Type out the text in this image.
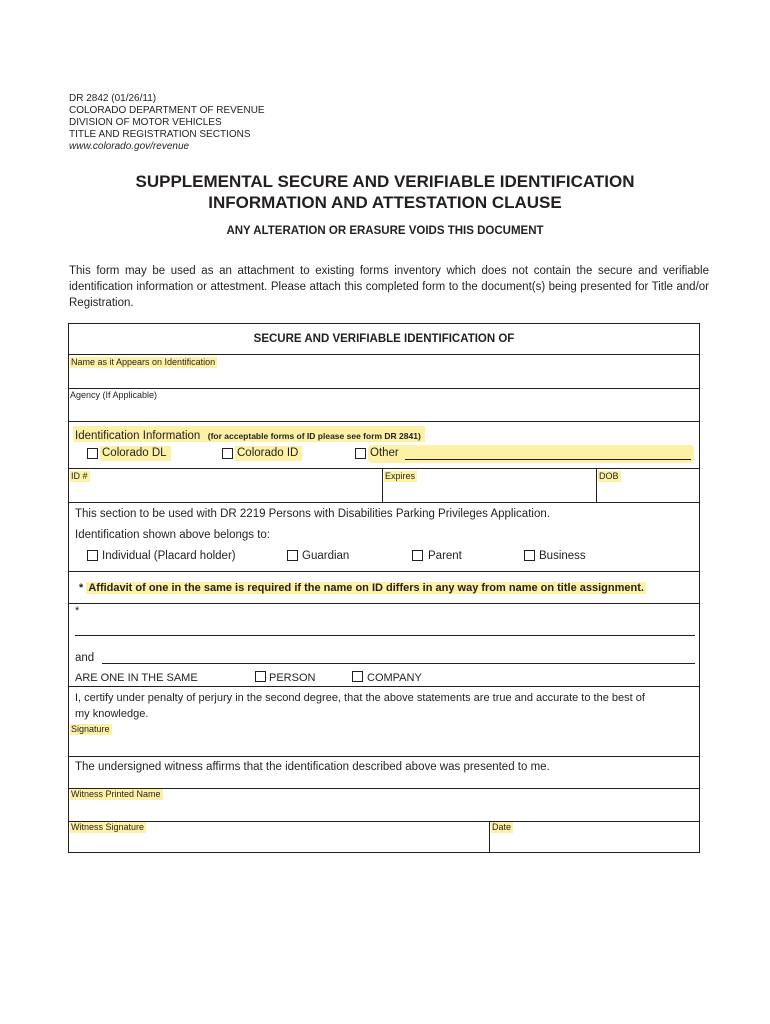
DR 2842 (01/26/11)
COLORADO DEPARTMENT OF REVENUE
DIVISION OF MOTOR VEHICLES
TITLE AND REGISTRATION SECTIONS
www.colorado.gov/revenue
SUPPLEMENTAL SECURE AND VERIFIABLE IDENTIFICATION
INFORMATION AND ATTESTATION CLAUSE
ANY ALTERATION OR ERASURE VOIDS THIS DOCUMENT
This form may be used as an attachment to existing forms inventory which does not contain the secure and verifiable identification information or attestment. Please attach this completed form to the document(s) being presented for Title and/or Registration.
SECURE AND VERIFIABLE IDENTIFICATION OF
Name as it Appears on Identification
Agency (If Applicable)
Identification Information (for acceptable forms of ID please see form DR 2841)
Colorado DL	Colorado ID	Other
ID #	Expires	DOB
This section to be used with DR 2219 Persons with Disabilities Parking Privileges Application.
Identification shown above belongs to:
Individual (Placard holder)	Guardian	Parent	Business
* Affidavit of one in the same is required if the name on ID differs in any way from name on title assignment.
*
and
ARE ONE IN THE SAME	PERSON	COMPANY
I, certify under penalty of perjury in the second degree, that the above statements are true and accurate to the best of
my knowledge.
Signature
The undersigned witness affirms that the identification described above was presented to me.
Witness Printed Name
Witness Signature	Date
